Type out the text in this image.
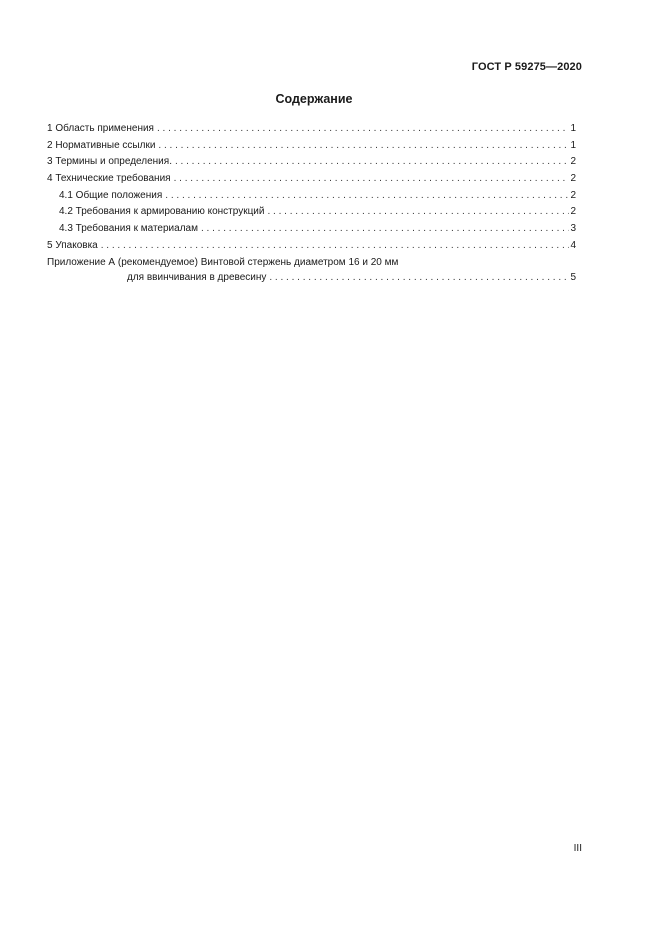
ГОСТ Р 59275—2020
Содержание
1 Область применения . . .	1
2 Нормативные ссылки . . .	1
3 Термины и определения. . . .	2
4 Технические требования . . .	2
4.1 Общие положения . . .	2
4.2 Требования к армированию конструкций . . .	2
4.3 Требования к материалам . . .	3
5 Упаковка . . .	4
Приложение А (рекомендуемое) Винтовой стержень диаметром 16 и 20 мм
для ввинчивания в древесину . . .	5
III
